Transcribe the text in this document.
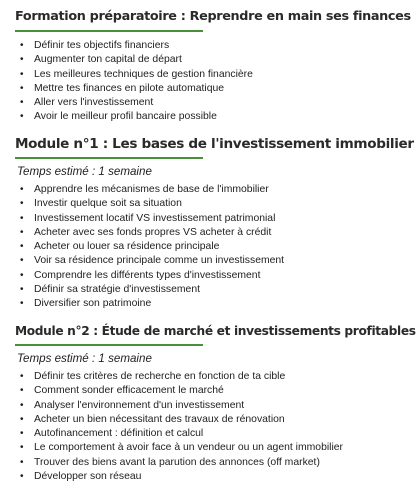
Formation préparatoire : Reprendre en main ses finances
•	Définir tes objectifs financiers
•	Augmenter ton capital de départ
•	Les meilleures techniques de gestion financière
•	Mettre tes finances en pilote automatique
•	Aller vers l'investissement
•	Avoir le meilleur profil bancaire possible
Module n°1 : Les bases de l'investissement immobilier

Temps estimé : 1 semaine

•	Apprendre les mécanismes de base de l'immobilier
•	Investir quelque soit sa situation
•	Investissement locatif VS investissement patrimonial
•	Acheter avec ses fonds propres VS acheter à crédit
•	Acheter ou louer sa résidence principale
•	Voir sa résidence principale comme un investissement
•	Comprendre les différents types d'investissement
•	Définir sa stratégie d'investissement
•	Diversifier son patrimoine
Module n°2 : Étude de marché et investissements profitables

Temps estimé : 1 semaine

•	Définir tes critères de recherche en fonction de ta cible
•	Comment sonder efficacement le marché
•	Analyser l'environnement d'un investissement
•	Acheter un bien nécessitant des travaux de rénovation
•	Autofinancement : définition et calcul
•	Le comportement à avoir face à un vendeur ou un agent immobilier
•	Trouver des biens avant la parution des annonces (off market)
•	Développer son réseau
